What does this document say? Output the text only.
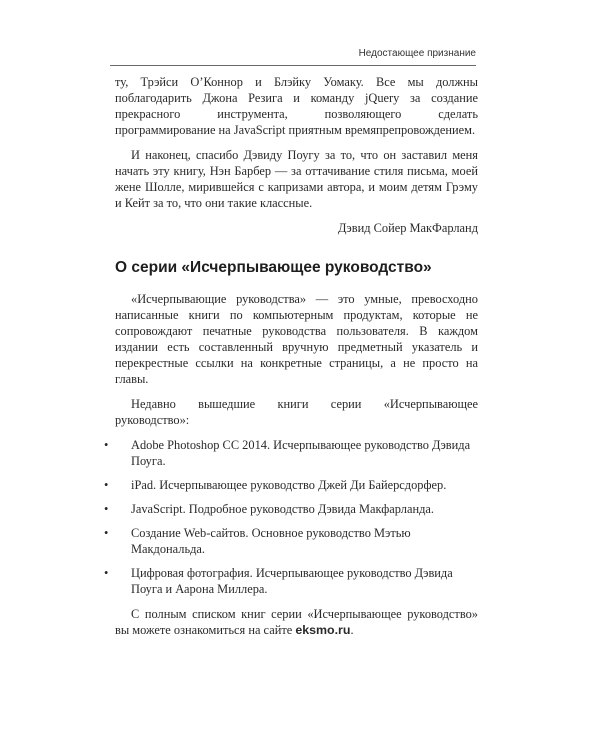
Недостающее признание

ту, Трэйси О’Коннор и Блэйку Уомаку. Все мы должны поблагодарить Джона Резига и команду jQuery за создание прекрасного инструмента, позволяющего сделать программирование на JavaScript приятным времяпрепровождением.

И наконец, спасибо Дэвиду Поугу за то, что он заставил меня начать эту книгу, Нэн Барбер — за оттачивание стиля письма, моей жене Шолле, мирившейся с капризами автора, и моим детям Грэму и Кейт за то, что они такие классные.

Дэвид Сойер МакФарланд

О серии «Исчерпывающее руководство»

«Исчерпывающие руководства» — это умные, превосходно написанные книги по компьютерным продуктам, которые не сопровождают печатные руководства пользователя. В каждом издании есть составленный вручную предметный указатель и перекрестные ссылки на конкретные страницы, а не просто на главы.

Недавно вышедшие книги серии «Исчерпывающее руководство»:

• Adobe Photoshop CC 2014. Исчерпывающее руководство Дэвида Поуга.
• iPad. Исчерпывающее руководство Джей Ди Байерсдорфер.
• JavaScript. Подробное руководство Дэвида Макфарланда.
• Создание Web-сайтов. Основное руководство Мэтью Макдональда.
• Цифровая фотография. Исчерпывающее руководство Дэвида Поуга и Аарона Миллера.

С полным списком книг серии «Исчерпывающее руководство» вы можете ознакомиться на сайте eksmo.ru.
